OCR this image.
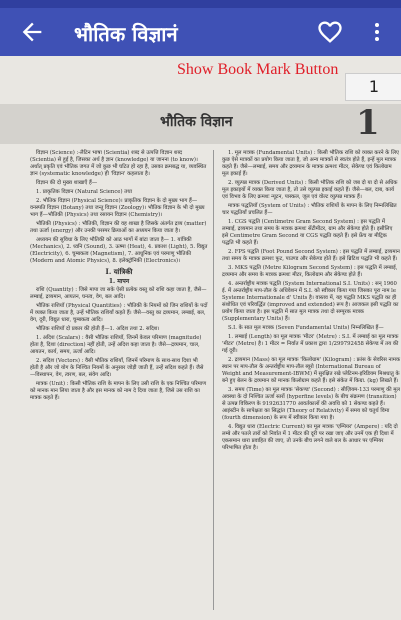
भौतिक विज्ञानं
भौतिक विज्ञान	1
Show Book Mark Button
1

विज्ञान (Science) :-लैटिन भाषा (Scientia) शब्द से उत्पत्ति विज्ञान शब्द (Scientia) से हुई है, जिसका अर्थ है ज्ञान (knowledge) या जानना (to know)। अर्थात् प्रकृति एवं भौतिक जगत में जो कुछ भी घटित हो रहा है, उसका क्रमबद्ध या, व्यवस्थित ज्ञान (systematic knowledge) ही 'विज्ञान' कहलाता है।

विज्ञान की दो मुख्य शाखाएँ हैं—

1. प्राकृतिक विज्ञान (Natural Science) तथा

2. भौतिक विज्ञान (Physical Science)। प्राकृतिक विज्ञान के दो मुख्य भाग हैं—वनस्पति विज्ञान (Botany) तथा जन्तु विज्ञान (Zoology)। भौतिक विज्ञान के भी दो मुख्य भाग हैं—भौतिकी (Physics) तथा रसायन विज्ञान (Chemistry)।

भौतिकी (Physics) : भौतिकी, विज्ञान की वह शाखा है जिसके अंतर्गत द्रव्य (matter) तथा ऊर्जा (energy) और उनकी परस्पर क्रियाओं का अध्ययन किया जाता है।

अध्ययन की सुविधा के लिए भौतिकी को आठ भागों में बांटा जाता है— 1. यांत्रिकी (Mechanics), 2. ध्वनि (Sound), 3. ऊष्मा (Heat), 4. प्रकाश (Light), 5. विद्युत (Electricity), 6. चुम्बकत्व (Magnetism), 7. आधुनिक एवं परमाणु भौतिकी (Modern and Atomic Physics), 8. इलेक्ट्रॉनिकी (Electronics)।

I. यांत्रिकी
1. मापन

राशि (Quantity) : जिसे मापा जा सके ऐसी प्रत्येक वस्तु को राशि कहा जाता है, जैसे—लम्बाई, द्रव्यमान, आयतन, घनत्व, वेग, बल आदि।

भौतिक राशियाँ (Physical Quantities) : भौतिकी के नियमों को जिन राशियों के पदों में व्यक्त किया जाता है, उन्हें भौतिक राशियाँ कहते हैं। जैसे—वस्तु का द्रव्यमान, लम्बाई, बल, वेग, दूरी, विद्युत धारा, चुम्बकत्व आदि।

भौतिक राशियाँ दो प्रकार की होती हैं—1. अदिश तथा 2. सदिश।

1. अदिश (Scalars) : वैसी भौतिक राशियाँ, जिनमें केवल परिमाण (magnitude) होता है, दिशा (direction) नहीं होती, उन्हें अदिश कहा जाता है। जैसे—द्रव्यमान, चाल, आयतन, कार्य, समय, ऊर्जा आदि।

2. सदिश (Vectors) : वैसी भौतिक राशियाँ, जिनमें परिमाण के साथ-साथ दिशा भी होती है और जो योग के निश्चित नियमों के अनुसार जोड़ी जाती हैं, उन्हें सदिश कहते हैं। जैसे—विस्थापन, वेग, त्वरण, बल, संवेग आदि।

मात्रक (Unit) : किसी भौतिक राशि के मापन के लिए उसी राशि के एक निश्चित परिमाण को मानक मान लिया जाता है और इस मानक को नाम दे दिया जाता है, जिसे उस राशि का मात्रक कहते हैं।

1. मूल मात्रक (Fundamental Units) : किसी भौतिक राशि को व्यक्त करने के लिए कुछ ऐसे मात्रकों का प्रयोग किया जाता है, जो अन्य मात्रकों से स्वतंत्र होते हैं, इन्हें मूल मात्रक कहते हैं। जैसे—लम्बाई, समय और द्रव्यमान के मात्रक क्रमशः मीटर, सेकेण्ड एवं किलोग्राम मूल इकाई हैं।

2. व्युत्पन्न मात्रक (Derived Units) : किसी भौतिक राशि को जब दो या दो से अधिक मूल इकाइयों में व्यक्त किया जाता है, तो उसे व्युत्पन्न इकाई कहते हैं। जैसे—बल, दाब, कार्य एवं विभव के लिए क्रमशः न्यूटन, पास्कल, जूल एवं वोल्ट व्युत्पन्न मात्रक हैं।

मात्रक पद्धतियाँ (System of Units) : भौतिक राशियों के मापन के लिए निम्नलिखित चार पद्धतियाँ प्रचलित हैं—

1. CGS पद्धति (Centimetre Gram Second System) : इस पद्धति में लम्बाई, द्रव्यमान तथा समय के मात्रक क्रमशः सेंटीमीटर, ग्राम और सेकेण्ड होते हैं। इसीलिए इसे Centimetre Gram Second या CGS पद्धति कहते हैं। इसे फ्रेंच या मीट्रिक पद्धति भी कहते हैं।

2. FPS पद्धति (Foot Pound Second System) : इस पद्धति में लम्बाई, द्रव्यमान तथा समय के मात्रक क्रमशः फुट, पाउण्ड और सेकेण्ड होते हैं। इसे ब्रिटिश पद्धति भी कहते हैं।

3. MKS पद्धति (Metre Kilogram Second System) : इस पद्धति में लम्बाई, द्रव्यमान और समय के मात्रक क्रमशः मीटर, किलोग्राम और सेकेण्ड होते हैं।

4. अन्तर्राष्ट्रीय मात्रक पद्धति (System International S.I. Units) : सन् 1960 ई. में अन्तर्राष्ट्रीय माप-तौल के अधिवेशन में S.I. को स्वीकार किया गया जिसका पूरा नाम le Systeme Internationale d' Units है। वास्तव में, यह पद्धति MKS पद्धति का ही संशोधित एवं परिवर्द्धित (improved and extended) रूप है। आजकल इसी पद्धति का प्रयोग किया जाता है। इस पद्धति में सात मूल मात्रक तथा दो सम्पूरक मात्रक (Supplementary Units) हैं।

S.I. के सात मूल मात्रक (Seven Fundamental Units) निम्नलिखित हैं—

1. लम्बाई (Length) का मूल मात्रक 'मीटर' (Metre) : S.I. में लम्बाई का मूल मात्रक 'मीटर' (Metre) है। 1 मीटर = निर्वात में प्रकाश द्वारा 1/299792458 सेकेण्ड में तय की गई दूरी।

2. द्रव्यमान (Mass) का मूल मात्रक 'किलोग्राम' (Kilogram) : फ्रांस के सेवरिस नामक स्थान पर माप-तौल के अन्तर्राष्ट्रीय माप-तौल ब्यूरो (International Bureau of Weight and Measurement-IBWM) में सुरक्षित रखे प्लेटिनम-इरिडियम मिश्रधातु के बने हुए बेलन के द्रव्यमान को मानक किलोग्राम कहते हैं। इसे संकेत में किग्रा. (kg) लिखते हैं।

3. समय (Time) का मूल मात्रक 'सेकण्ड' (Second) : सीज़ियम-133 परमाणु की मूल अवस्था के दो निश्चित ऊर्जा स्तरों (hyperfine levels) के बीच संक्रमण (transition) से उत्पन्न विकिरण के 9192631770 आवर्तकालों की अवधि को 1 सेकण्ड कहते हैं। आइंस्टीन के सापेक्षता का सिद्धांत (Theory of Relativity) में समय को चतुर्थ विमा (fourth dimension) के रूप में स्वीकार किया गया है।

4. विद्युत धारा (Electric Current) का मूल मात्रक 'एम्पियर' (Ampere) : यदि दो लम्बे और पतले तारों को निर्वात में 1 मीटर की दूरी पर रखा जाए और उनमें एक ही दिशा में एकसमान धारा प्रवाहित की जाए, तो उनके बीच लगने वाले बल के आधार पर एम्पियर परिभाषित होता है।
